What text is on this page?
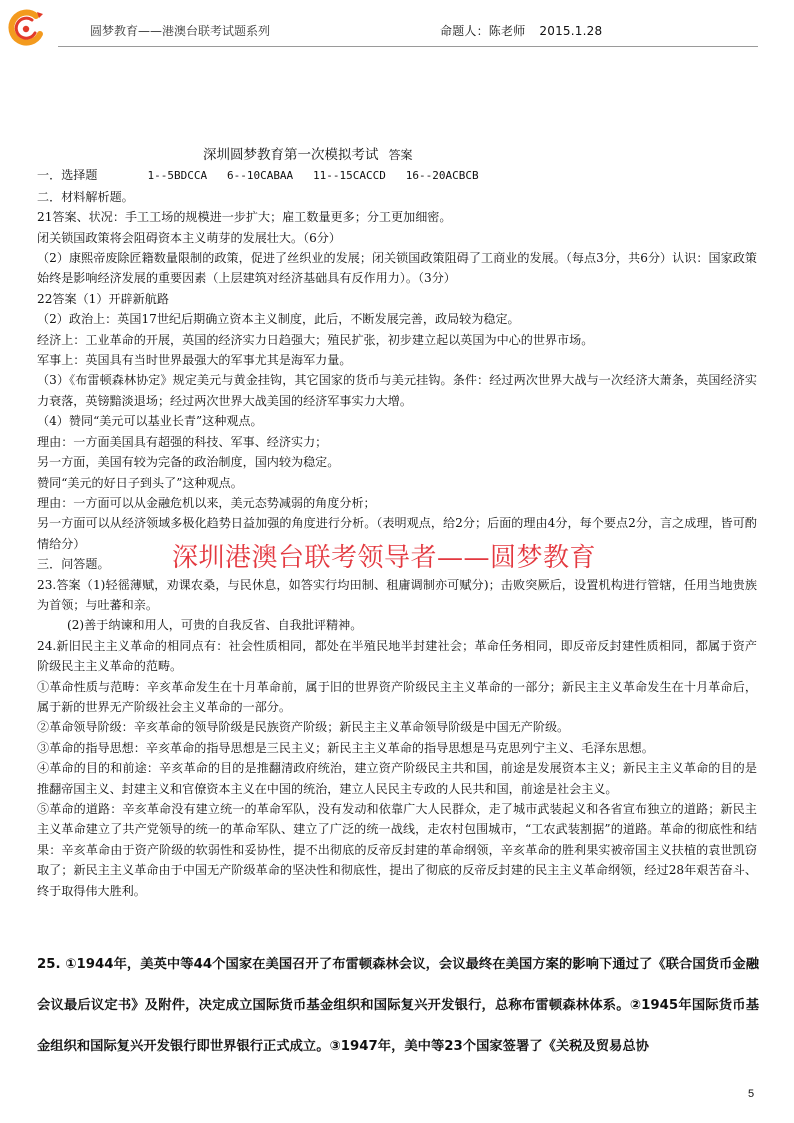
圆梦教育——港澳台联考试题系列	命题人：陈老师 2015.1.28
深圳圆梦教育第一次模拟考试 答案

一．选择题	1--5BDCCA   6--10CABAA   11--15CACCD   16--20ACBCB

二．材料解析题。

21答案、状况：手工工场的规模进一步扩大；雇工数量更多；分工更加细密。

闭关锁国政策将会阻碍资本主义萌芽的发展壮大。（6分）

（2）康熙帝废除匠籍数量限制的政策，促进了丝织业的发展；闭关锁国政策阻碍了工商业的发展。（每点3分，共6分）认识：国家政策始终是影响经济发展的重要因素（上层建筑对经济基础具有反作用力）。（3分）

22答案（1）开辟新航路

（2）政治上：英国17世纪后期确立资本主义制度，此后，不断发展完善，政局较为稳定。

经济上：工业革命的开展，英国的经济实力日趋强大；殖民扩张，初步建立起以英国为中心的世界市场。

军事上：英国具有当时世界最强大的军事尤其是海军力量。

（3）《布雷顿森林协定》规定美元与黄金挂钩，其它国家的货币与美元挂钩。条件：经过两次世界大战与一次经济大萧条，英国经济实力衰落，英镑黯淡退场；经过两次世界大战美国的经济军事实力大增。

（4）赞同“美元可以基业长青”这种观点。

理由：一方面美国具有超强的科技、军事、经济实力；

另一方面，美国有较为完备的政治制度，国内较为稳定。

赞同“美元的好日子到头了”这种观点。

理由：一方面可以从金融危机以来，美元态势减弱的角度分析；

另一方面可以从经济领域多极化趋势日益加强的角度进行分析。（表明观点，给2分；后面的理由4分，每个要点2分，言之成理，皆可酌情给分）

三．问答题。

23.答案（1)轻徭薄赋，劝课农桑，与民休息，如答实行均田制、租庸调制亦可赋分)；击败突厥后，设置机构进行管辖，任用当地贵族为首领；与吐蕃和亲。

(2)善于纳谏和用人，可贵的自我反省、自我批评精神。

24.新旧民主主义革命的相同点有：社会性质相同，都处在半殖民地半封建社会；革命任务相同，即反帝反封建性质相同，都属于资产阶级民主主义革命的范畴。

①革命性质与范畴：辛亥革命发生在十月革命前，属于旧的世界资产阶级民主主义革命的一部分；新民主主义革命发生在十月革命后，属于新的世界无产阶级社会主义革命的一部分。

②革命领导阶级：辛亥革命的领导阶级是民族资产阶级；新民主主义革命领导阶级是中国无产阶级。

③革命的指导思想：辛亥革命的指导思想是三民主义；新民主主义革命的指导思想是马克思列宁主义、毛泽东思想。

④革命的目的和前途：辛亥革命的目的是推翻清政府统治，建立资产阶级民主共和国，前途是发展资本主义；新民主主义革命的目的是推翻帝国主义、封建主义和官僚资本主义在中国的统治，建立人民民主专政的人民共和国，前途是社会主义。

⑤革命的道路：辛亥革命没有建立统一的革命军队，没有发动和依靠广大人民群众，走了城市武装起义和各省宣布独立的道路；新民主主义革命建立了共产党领导的统一的革命军队、建立了广泛的统一战线，走农村包围城市，“工农武装割据”的道路。革命的彻底性和结果：辛亥革命由于资产阶级的软弱性和妥协性，提不出彻底的反帝反封建的革命纲领，辛亥革命的胜利果实被帝国主义扶植的袁世凯窃取了；新民主主义革命由于中国无产阶级革命的坚决性和彻底性，提出了彻底的反帝反封建的民主主义革命纲领，经过28年艰苦奋斗、终于取得伟大胜利。

深圳港澳台联考领导者——圆梦教育
25. ①1944年，美英中等44个国家在美国召开了布雷顿森林会议，会议最终在美国方案的影响下通过了《联合国货币金融会议最后议定书》及附件，决定成立国际货币基金组织和国际复兴开发银行，总称布雷顿森林体系。②1945年国际货币基金组织和国际复兴开发银行即世界银行正式成立。③1947年，美中等23个国家签署了《关税及贸易总协
5
